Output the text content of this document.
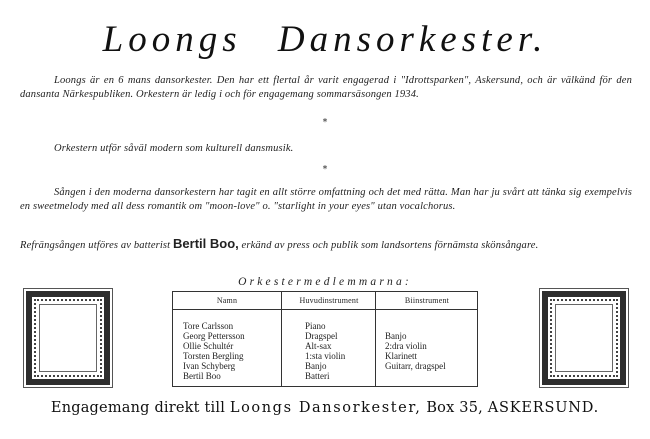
Loongs Dansorkester.
Loongs är en 6 mans dansorkester. Den har ett flertal år varit engagerad i "Idrottsparken", Askersund, och är välkänd för den dansanta Närkespubliken. Orkestern är ledig i och för engagemang sommarsäsongen 1934.
*
Orkestern utför såväl modern som kulturell dansmusik.
*
Sången i den moderna dansorkestern har tagit en allt större omfattning och det med rätta. Man har ju svårt att tänka sig exempelvis en sweetmelody med all dess romantik om "moon-love" o. "starlight in your eyes" utan vocalchorus.
Refrängsången utföres av batterist Bertil Boo, erkänd av press och publik som landsortens förnämsta skönsångare.
Orkestermedlemmarna:
Namn
Tore Carlsson
Georg Pettersson
Ollie Schultér
Torsten Bergling
Ivan Schyberg
Bertil Boo
Huvudinstrument
Piano
Dragspel
Alt-sax
1:sta violin
Banjo
Batteri
Biinstrument
Banjo
2:dra violin
Klarinett
Guitarr, dragspel
Engagemang direkt till Loongs Dansorkester, Box 35, ASKERSUND.
